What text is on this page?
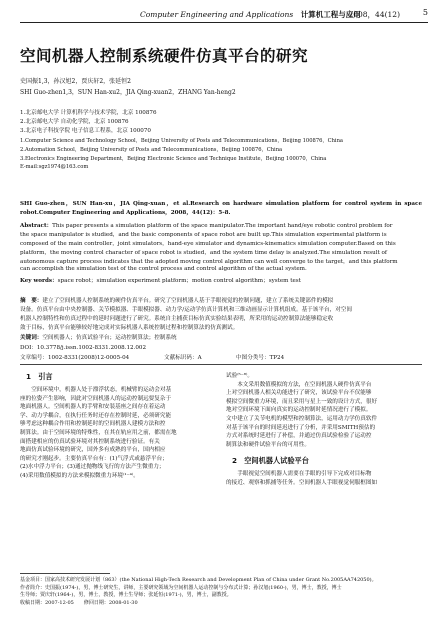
Computer Engineering and Applications　 计算机工程与应用
2008，44(12)	5
空间机器人控制系统硬件仿真平台的研究
史国振1,3，孙汉旭2，贾庆轩2，张延恒2
SHI Guo-zhen1,3，SUN Han-xu2，JIA Qing-xuan2，ZHANG Yan-heng2
1.北京邮电大学 计算机科学与技术学院，北京 100876
2.北京邮电大学 自动化学院，北京 100876
3.北京电子科技学院 电子信息工程系，北京 100070
1.Computer Science and Technology School，Beijing University of Posts and Telecommunications，Beijing 100876，China
2.Automation School，Beijing University of Posts and Telecommunications，Beijing 100876，China
3.Electronics Engineering Department，Beijing Electronic Science and Technique Institute，Beijing 100070，China
E-mail:sgz1974@163.com
SHI Guo-zhen，SUN Han-xu，JIA Qing-xuan，et al.Research on hardware simulation platform for control system in space robot.Computer Engineering and Applications，2008，44(12)：5-8.
Abstract：This paper presents a simulation platform of the space manipulator.The important hand/eye robotic control problem for
the space manipulator is studied，and the basic components of space robot are built up.This simulation experimental platform is
composed of the main controller，joint simulators，hand-eye simulator and dynamics-kinematics simulation computer.Based on this
platform，the moving control character of space robot is studied，and the system time delay is analyzed.The simulation result of
autonomous capture process indicates that the adopted moving control algorithm can well converge to the target，and this platform
can accomplish the simulation test of the control process and control algorithm of the actual system.
Key words：space robot；simulation experiment platform；motion control algorithm；system test
摘　要：建立了空间机器人控制系统的硬件仿真平台。研究了空间机器人基于手眼视觉的控制问题，建立了系统关键部件的模拟
设备。仿真平台由中央控制器、关节模拟器、手眼模拟器、动力学/运动学仿真计算机和三维动画显示计算机组成。基于该平台，对空间
机器人控制特性和仿真过程中的延时问题进行了研究。系统自主捕获目标仿真实验结果表明，所采用的运动控制算法能够稳定收
敛于目标，仿真平台能够较好地完成对实际机器人系统控制过程和控制算法的仿真测试。
关键词：空间机器人；仿真试验平台；运动控制算法；控制系统
DOI：10.3778/j.issn.1002-8331.2008.12.002
文章编号：1002-8331(2008)12-0005-04	文献标识码：A	中图分类号：TP24
1　引言
　　空间环境中，机器人处于漂浮状态，机械臂的运动会对基
座的位姿产生影响，因此对空间机器人的运动控制远要复杂于
地面机器人。空间机器人的手臂和安装基座之间存在着运动
学、动力学耦合，在执行任务时还存在控制时延，必须研究能
够考虑这种耦合作用和控制延时的空间机器人建模方法和控
制算法。由于空间环境的特殊性，在其在轨应用之前，都需在地
面搭建相应的仿真试验环境对其控制系统进行验证。有关
地面仿真试验环境的研究，国外多有成熟的平台，国内相应
的研究才刚起步。主要仿真平台有：(1)气浮式或悬浮平台；
(2)水中浮力平台；(3)通过抛物线飞行的方法产生微重力；
(4)采用数值模拟的方法来模拟微重力环境⁽¹⁻⁴⁾。
试验⁽⁵⁻⁸⁾。
　　本文采用数值模拟的方法，在空间机器人硬件仿真平台
上对空间机器人相关功能进行了研究，该试验平台不仅能够
模拟空间微重力环境，而且采用与星上一致的设计方式，很好
地对空间环境下面向真实的运动控制时延情况进行了模拟。
文中建立了关节电机的模型和控制算法，运用动力学仿真软件
对基于该平台的时间延迟进行了分析，并采用SMITH预估的
方式对系统时延进行了补偿，并通过仿真试验检验了运动控
制算法和硬件试验平台的可用性。
2　空间机器人试验平台
　　手眼视觉空间机器人需要在手眼的引导下完成对目标物
的接近、观察和抓捕等任务。空间机器人手眼视觉伺服框图如
基金项目：国家高技术研究发展计划（863）(the National High-Tech Research and Development Plan of China under Grant No.2005AA742050)。
作者简介：史国振(1974-)，男，博士研究生，讲师，主要研究领域为空间机器人运动控制与分布式计算；孙汉旭(1960-)，男，博士，教授，博士
生导师；贾庆轩(1964-)，男，博士，教授，博士生导师；张延恒(1971-)，男，博士，副教授。
收稿日期：2007-12-05　　修回日期：2008-01-30
